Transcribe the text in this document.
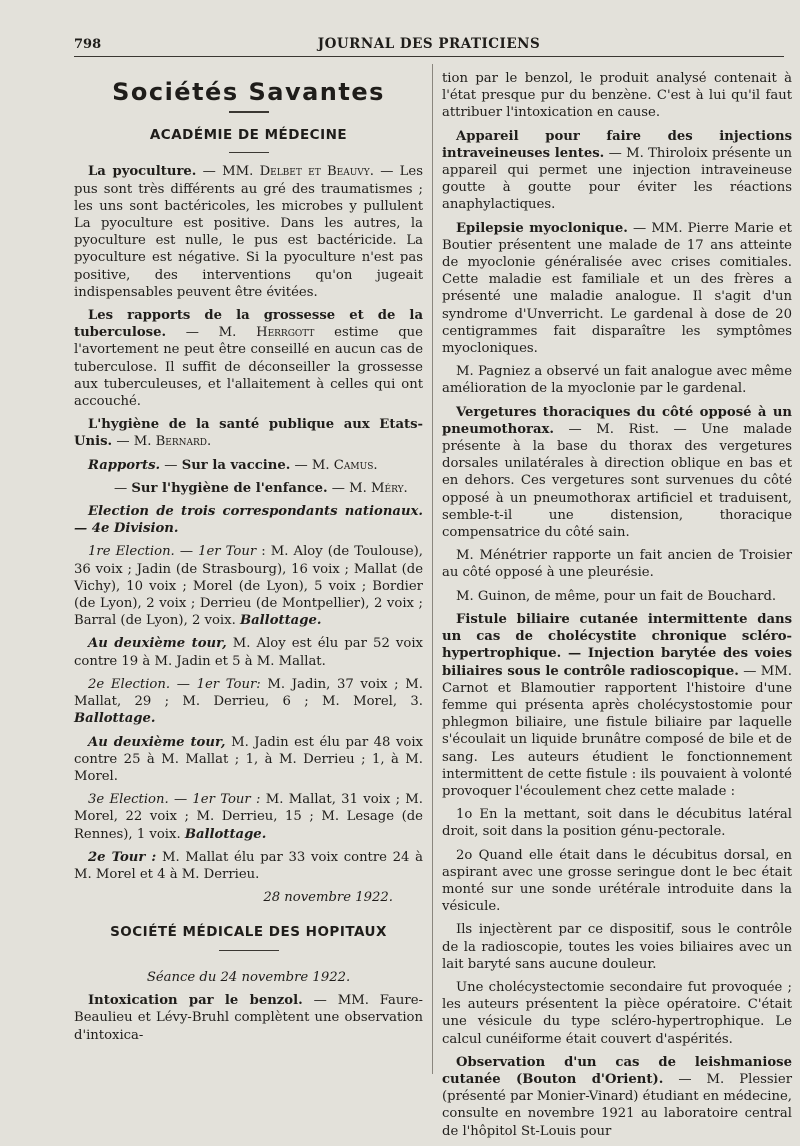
798	JOURNAL DES PRATICIENS
Sociétés Savantes
ACADÉMIE DE MÉDECINE

La pyoculture. — MM. Delbet et Beauvy. — Les pus sont très différents au gré des traumatismes ; les uns sont bactéricoles, les microbes y pullulent La pyoculture est positive. Dans les autres, la pyoculture est nulle, le pus est bactéricide. La pyoculture est négative. Si la pyoculture n'est pas positive, des interventions qu'on jugeait indispensables peuvent être évitées.

Les rapports de la grossesse et de la tuberculose. — M. Herrgott estime que l'avortement ne peut être conseillé en aucun cas de tuberculose. Il suffit de déconseiller la grossesse aux tuberculeuses, et l'allaitement à celles qui ont accouché.

L'hygiène de la santé publique aux Etats-Unis. — M. Bernard.

Rapports. — Sur la vaccine. — M. Camus.

— Sur l'hygiène de l'enfance. — M. Méry.

Election de trois correspondants nationaux. — 4e Division.

1re Election. — 1er Tour : M. Aloy (de Toulouse), 36 voix ; Jadin (de Strasbourg), 16 voix ; Mallat (de Vichy), 10 voix ; Morel (de Lyon), 5 voix ; Bordier (de Lyon), 2 voix ; Derrieu (de Montpellier), 2 voix ; Barral (de Lyon), 2 voix. Ballottage.

Au deuxième tour, M. Aloy est élu par 52 voix contre 19 à M. Jadin et 5 à M. Mallat.

2e Election. — 1er Tour: M. Jadin, 37 voix ; M. Mallat, 29 ; M. Derrieu, 6 ; M. Morel, 3. Ballottage.

Au deuxième tour, M. Jadin est élu par 48 voix contre 25 à M. Mallat ; 1, à M. Derrieu ; 1, à M. Morel.

3e Election. — 1er Tour : M. Mallat, 31 voix ; M. Morel, 22 voix ; M. Derrieu, 15 ; M. Lesage (de Rennes), 1 voix. Ballottage.

2e Tour : M. Mallat élu par 33 voix contre 24 à M. Morel et 4 à M. Derrieu.

28 novembre 1922.

SOCIÉTÉ MÉDICALE DES HOPITAUX

Séance du 24 novembre 1922.

Intoxication par le benzol. — MM. Faure-Beaulieu et Lévy-Bruhl complètent une observation d'intoxica-

tion par le benzol, le produit analysé contenait à l'état presque pur du benzène. C'est à lui qu'il faut attribuer l'intoxication en cause.

Appareil pour faire des injections intraveineuses lentes. — M. Thiroloix présente un appareil qui permet une injection intraveineuse goutte à goutte pour éviter les réactions anaphylactiques.

Epilepsie myoclonique. — MM. Pierre Marie et Boutier présentent une malade de 17 ans atteinte de myoclonie généralisée avec crises comitiales. Cette maladie est familiale et un des frères a présenté une maladie analogue. Il s'agit d'un syndrome d'Unverricht. Le gardenal à dose de 20 centigrammes fait disparaître les symptômes myocloniques.

M. Pagniez a observé un fait analogue avec même amélioration de la myoclonie par le gardenal.

Vergetures thoraciques du côté opposé à un pneumothorax. — M. Rist. — Une malade présente à la base du thorax des vergetures dorsales unilatérales à direction oblique en bas et en dehors. Ces vergetures sont survenues du côté opposé à un pneumothorax artificiel et traduisent, semble-t-il une distension, thoracique compensatrice du côté sain.

M. Ménétrier rapporte un fait ancien de Troisier au côté opposé à une pleurésie.

M. Guinon, de même, pour un fait de Bouchard.

Fistule biliaire cutanée intermittente dans un cas de cholécystite chronique scléro-hypertrophique. — Injection barytée des voies biliaires sous le contrôle radioscopique. — MM. Carnot et Blamoutier rapportent l'histoire d'une femme qui présenta après cholécystostomie pour phlegmon biliaire, une fistule biliaire par laquelle s'écoulait un liquide brunâtre composé de bile et de sang. Les auteurs étudient le fonctionnement intermittent de cette fistule : ils pouvaient à volonté provoquer l'écoulement chez cette malade :

1o En la mettant, soit dans le décubitus latéral droit, soit dans la position génu-pectorale.

2o Quand elle était dans le décubitus dorsal, en aspirant avec une grosse seringue dont le bec était monté sur une sonde urétérale introduite dans la vésicule.

Ils injectèrent par ce dispositif, sous le contrôle de la radioscopie, toutes les voies biliaires avec un lait baryté sans aucune douleur.

Une cholécystectomie secondaire fut provoquée ; les auteurs présentent la pièce opératoire. C'était une vésicule du type scléro-hypertrophique. Le calcul cunéiforme était couvert d'aspérités.

Observation d'un cas de leishmaniose cutanée (Bouton d'Orient). — M. Plessier (présenté par Monier-Vinard) étudiant en médecine, consulte en novembre 1921 au laboratoire central de l'hôpitol St-Louis pour
